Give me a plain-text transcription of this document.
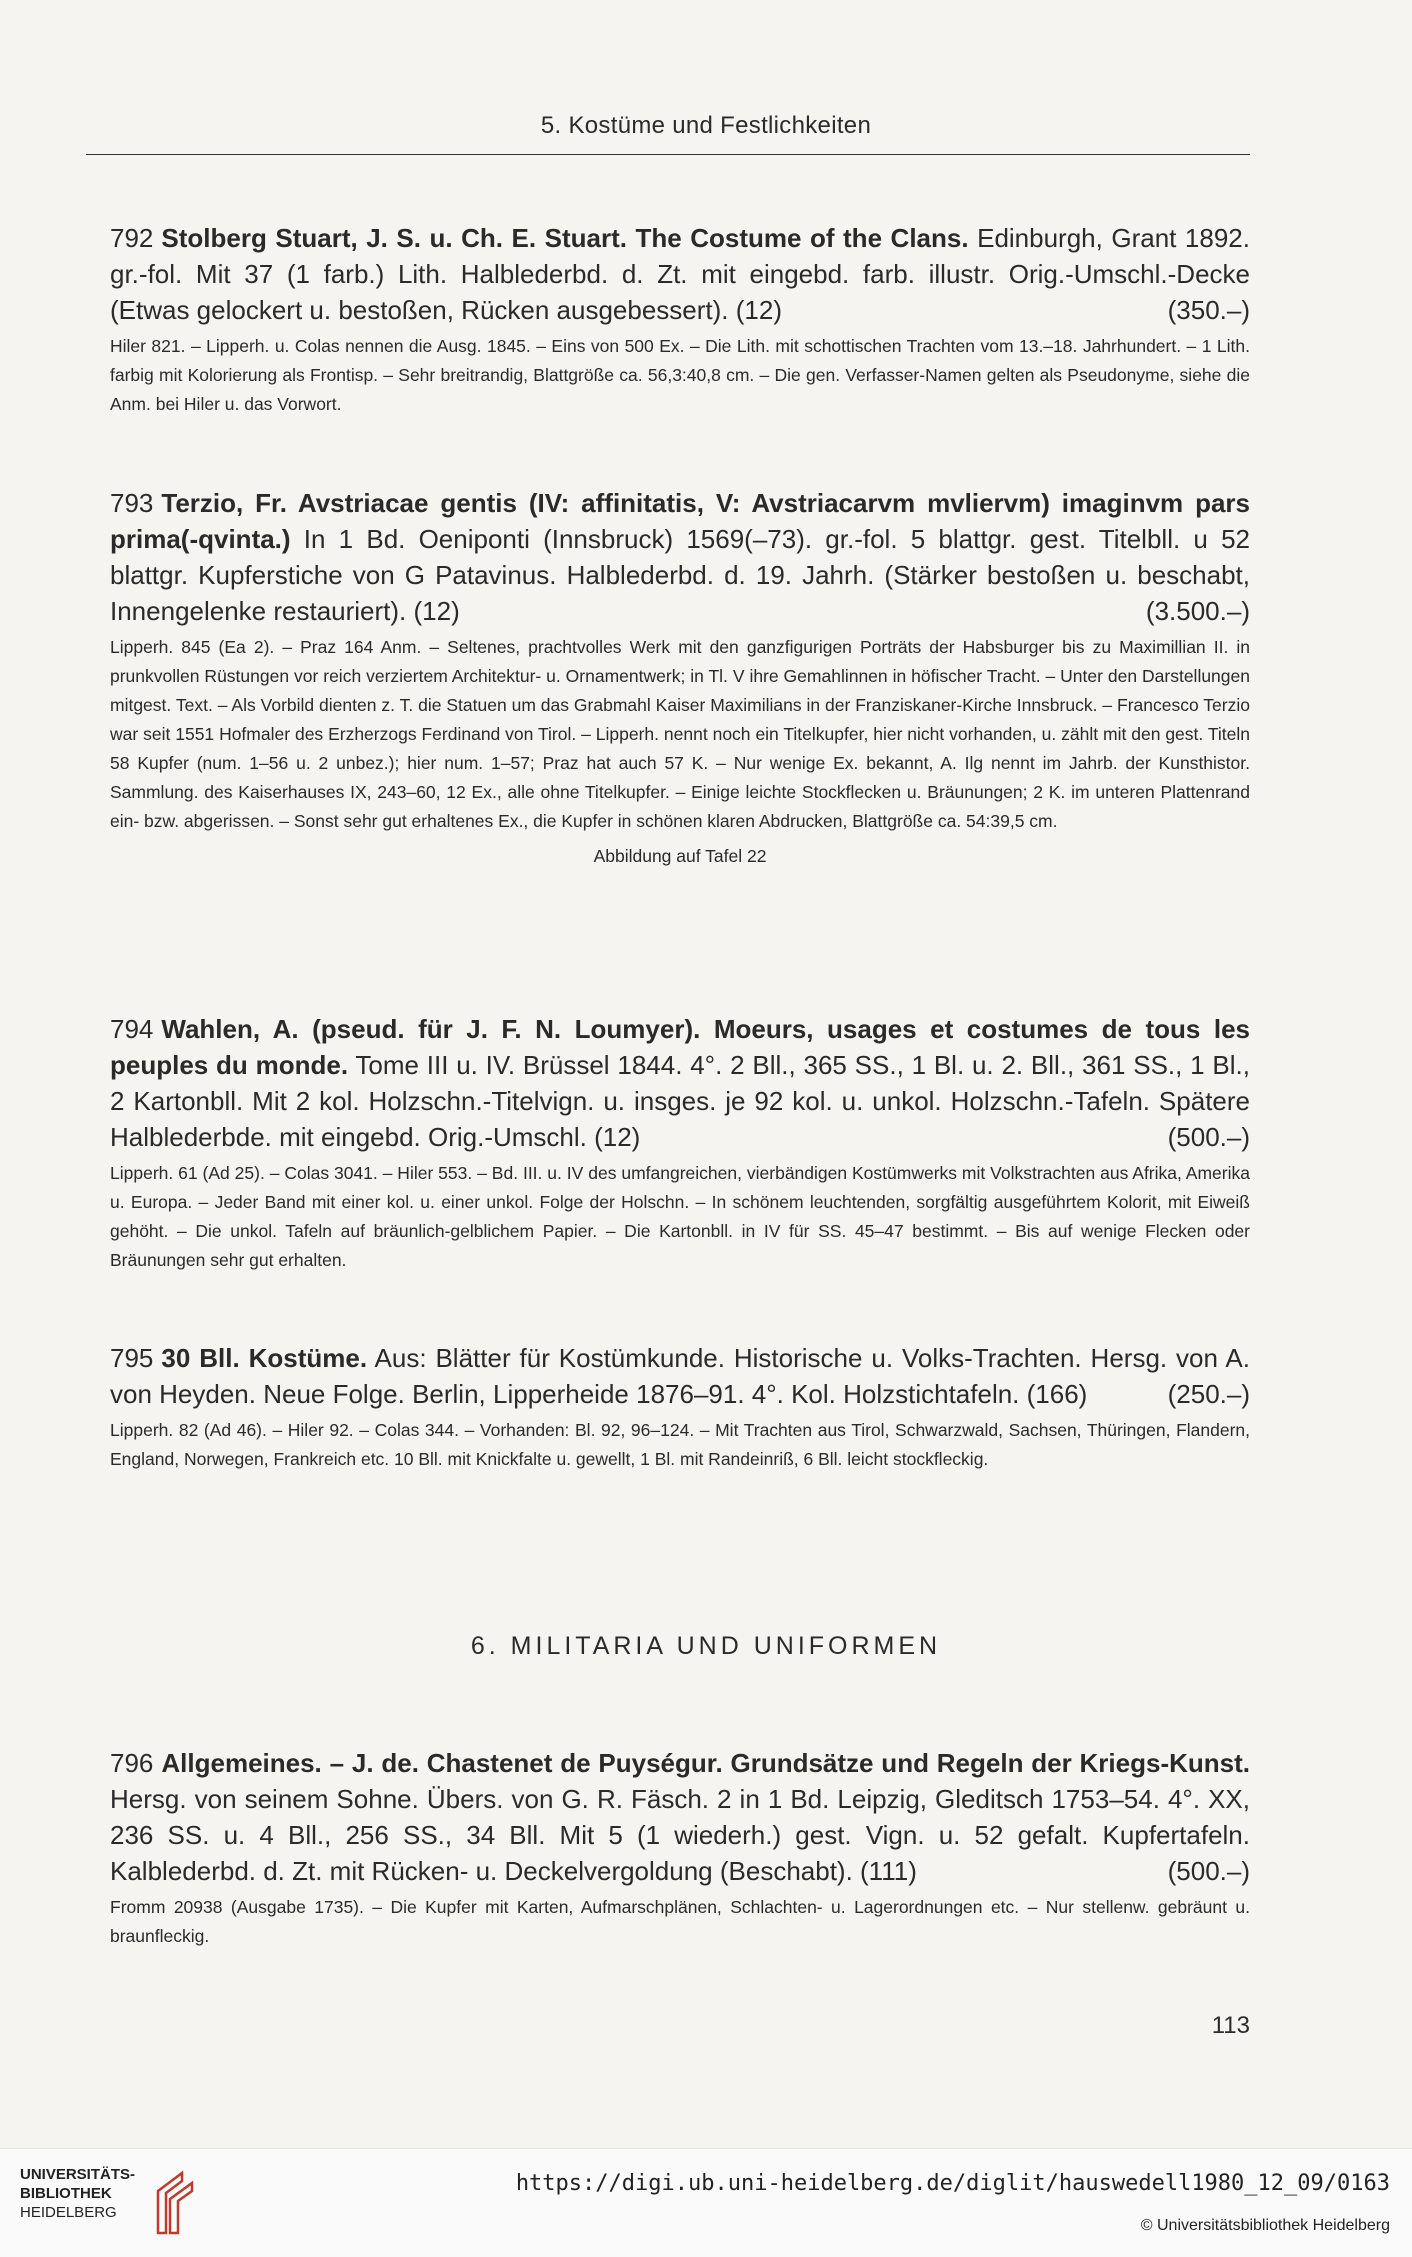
5. Kostüme und Festlichkeiten
792 Stolberg Stuart, J. S. u. Ch. E. Stuart. The Costume of the Clans. Edinburgh, Grant 1892. gr.-fol. Mit 37 (1 farb.) Lith. Halblederbd. d. Zt. mit eingebd. farb. illustr. Orig.-Umschl.-Decke (Etwas gelockert u. bestoßen, Rücken ausgebessert). (12)	(350.–)
Hiler 821. – Lipperh. u. Colas nennen die Ausg. 1845. – Eins von 500 Ex. – Die Lith. mit schottischen Trachten vom 13.–18. Jahrhundert. – 1 Lith. farbig mit Kolorierung als Frontisp. – Sehr breitrandig, Blattgröße ca. 56,3:40,8 cm. – Die gen. Verfasser-Namen gelten als Pseudonyme, siehe die Anm. bei Hiler u. das Vorwort.
793 Terzio, Fr. Avstriacae gentis (IV: affinitatis, V: Avstriacarvm mvliervm) imaginvm pars prima(-qvinta.) In 1 Bd. Oeniponti (Innsbruck) 1569(–73). gr.-fol. 5 blattgr. gest. Titelbll. u 52 blattgr. Kupferstiche von G Patavinus. Halblederbd. d. 19. Jahrh. (Stärker bestoßen u. beschabt, Innengelenke restauriert). (12)	(3.500.–)
Lipperh. 845 (Ea 2). – Praz 164 Anm. – Seltenes, prachtvolles Werk mit den ganzfigurigen Porträts der Habsburger bis zu Maximillian II. in prunkvollen Rüstungen vor reich verziertem Architektur- u. Ornamentwerk; in Tl. V ihre Gemahlinnen in höfischer Tracht. – Unter den Darstellungen mitgest. Text. – Als Vorbild dienten z. T. die Statuen um das Grabmahl Kaiser Maximilians in der Franziskaner-Kirche Innsbruck. – Francesco Terzio war seit 1551 Hofmaler des Erzherzogs Ferdinand von Tirol. – Lipperh. nennt noch ein Titelkupfer, hier nicht vorhanden, u. zählt mit den gest. Titeln 58 Kupfer (num. 1–56 u. 2 unbez.); hier num. 1–57; Praz hat auch 57 K. – Nur wenige Ex. bekannt, A. Ilg nennt im Jahrb. der Kunsthistor. Sammlung. des Kaiserhauses IX, 243–60, 12 Ex., alle ohne Titelkupfer. – Einige leichte Stockflecken u. Bräunungen; 2 K. im unteren Plattenrand ein- bzw. abgerissen. – Sonst sehr gut erhaltenes Ex., die Kupfer in schönen klaren Abdrucken, Blattgröße ca. 54:39,5 cm.
Abbildung auf Tafel 22
794 Wahlen, A. (pseud. für J. F. N. Loumyer). Moeurs, usages et costumes de tous les peuples du monde. Tome III u. IV. Brüssel 1844. 4°. 2 Bll., 365 SS., 1 Bl. u. 2. Bll., 361 SS., 1 Bl., 2 Kartonbll. Mit 2 kol. Holzschn.-Titelvign. u. insges. je 92 kol. u. unkol. Holzschn.-Tafeln. Spätere Halblederbde. mit eingebd. Orig.-Umschl. (12)	(500.–)
Lipperh. 61 (Ad 25). – Colas 3041. – Hiler 553. – Bd. III. u. IV des umfangreichen, vierbändigen Kostümwerks mit Volkstrachten aus Afrika, Amerika u. Europa. – Jeder Band mit einer kol. u. einer unkol. Folge der Holschn. – In schönem leuchtenden, sorgfältig ausgeführtem Kolorit, mit Eiweiß gehöht. – Die unkol. Tafeln auf bräunlich-gelblichem Papier. – Die Kartonbll. in IV für SS. 45–47 bestimmt. – Bis auf wenige Flecken oder Bräunungen sehr gut erhalten.
795 30 Bll. Kostüme. Aus: Blätter für Kostümkunde. Historische u. Volks-Trachten. Hersg. von A. von Heyden. Neue Folge. Berlin, Lipperheide 1876–91. 4°. Kol. Holzstichtafeln. (166)	(250.–)
Lipperh. 82 (Ad 46). – Hiler 92. – Colas 344. – Vorhanden: Bl. 92, 96–124. – Mit Trachten aus Tirol, Schwarzwald, Sachsen, Thüringen, Flandern, England, Norwegen, Frankreich etc. 10 Bll. mit Knickfalte u. gewellt, 1 Bl. mit Randeinriß, 6 Bll. leicht stockfleckig.
6. MILITARIA UND UNIFORMEN
796 Allgemeines. – J. de. Chastenet de Puységur. Grundsätze und Regeln der Kriegs-Kunst. Hersg. von seinem Sohne. Übers. von G. R. Fäsch. 2 in 1 Bd. Leipzig, Gleditsch 1753–54. 4°. XX, 236 SS. u. 4 Bll., 256 SS., 34 Bll. Mit 5 (1 wiederh.) gest. Vign. u. 52 gefalt. Kupfertafeln. Kalblederbd. d. Zt. mit Rücken- u. Deckelvergoldung (Beschabt). (111)	(500.–)
Fromm 20938 (Ausgabe 1735). – Die Kupfer mit Karten, Aufmarschplänen, Schlachten- u. Lagerordnungen etc. – Nur stellenw. gebräunt u. braunfleckig.
113
UNIVERSITÄTS-
BIBLIOTHEK
HEIDELBERG
https://digi.ub.uni-heidelberg.de/diglit/hauswedell1980_12_09/0163
© Universitätsbibliothek Heidelberg
